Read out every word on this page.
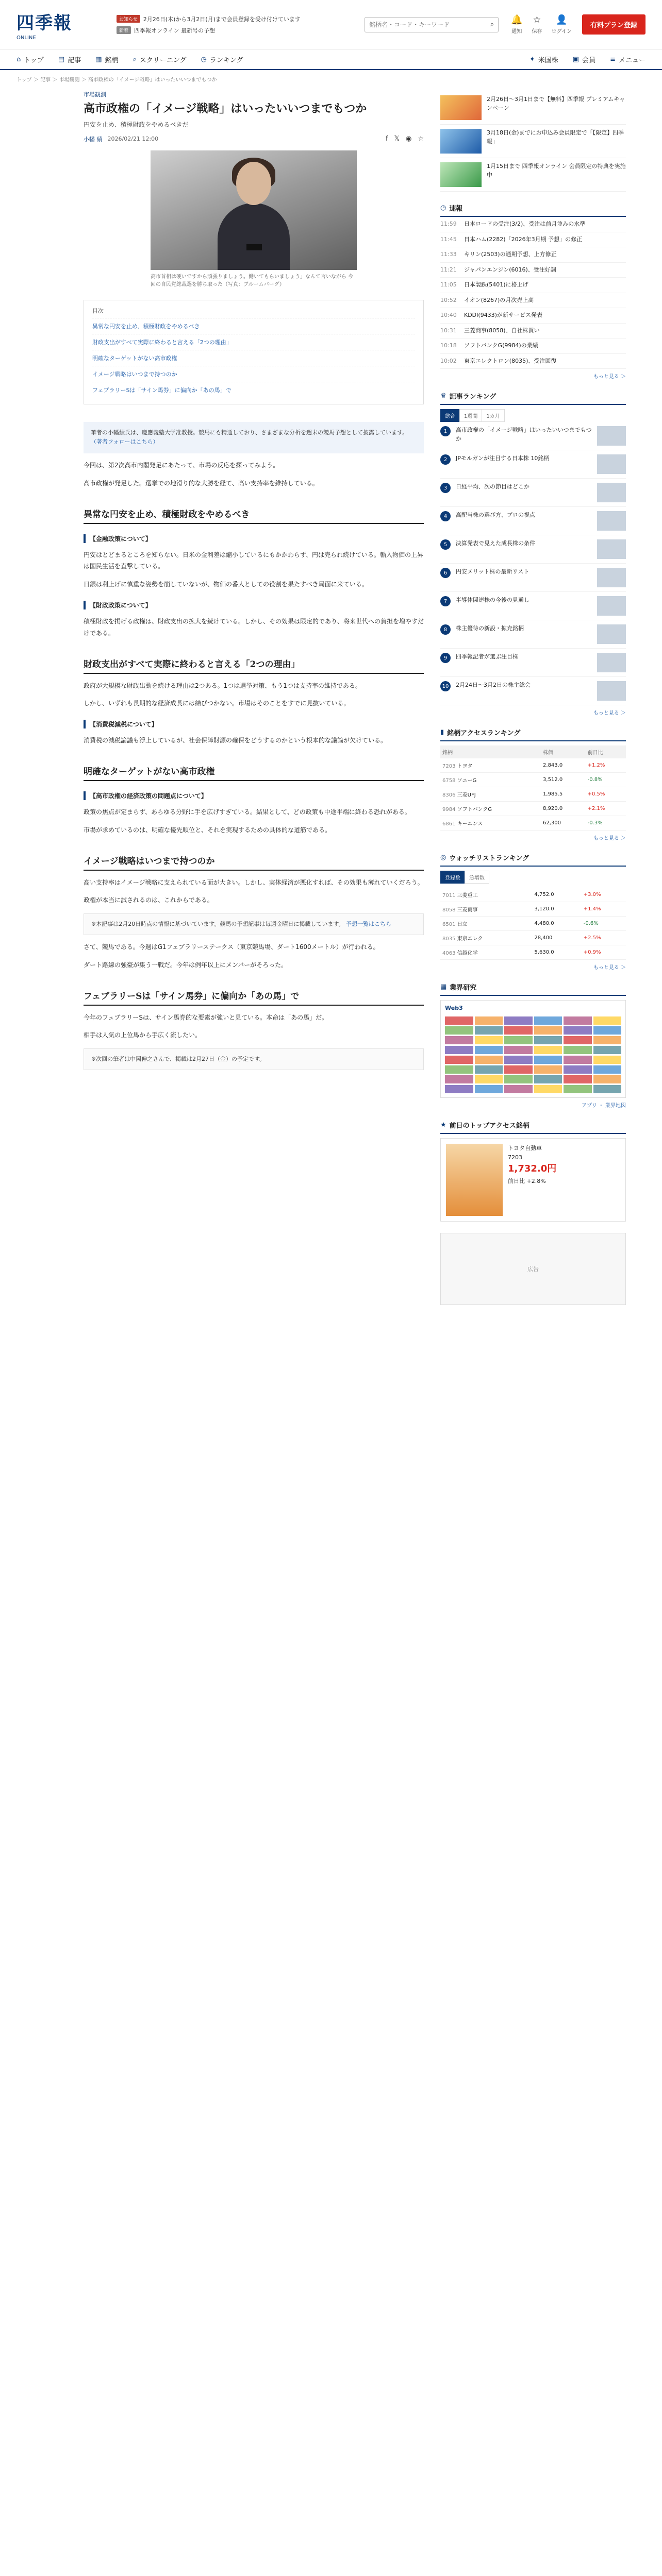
四季報
ONLINE
お知らせ	2月26日(木)から3月2日(月)まで会員登録を受け付けています
新着	四季報オンライン 最新号の予想
銘柄名・コード・キーワード
⌕ 🔔
通知
☆
保存
👤
ログイン
有料プラン登録
⌂ トップ ▤ 記事 ▦ 銘柄 ⌕ スクリーニング ◷ ランキング	✦ 米国株 ▣ 会員 ≡ メニュー
トップ ＞ 記事 ＞ 市場観測 ＞ 高市政権の「イメージ戦略」はいったいいつまでもつか
市場観測
高市政権の「イメージ戦略」はいったいいつまでもつか
円安を止め、積極財政をやめるべきだ
小幡 績 2026/02/21 12:00	f 𝕏 ◉ ☆
高市首相は硬いですから頑張りましょう。働いてもらいましょう」なんて言いながら 今回の自民党総裁選を勝ち取った（写真：ブルームバーグ）
目次
異常な円安を止め、積極財政をやめるべき
財政支出がすべて実際に終わると言える「2つの理由」
明確なターゲットがない高市政権
イメージ戦略はいつまで持つのか
フェブラリーSは「サイン馬券」に偏向か「あの馬」で
筆者の小幡績氏は、慶應義塾大学准教授。競馬にも精通しており、さまざまな分析を週末の競馬予想として披露しています。 （著者フォローはこちら）

今回は、第2次高市内閣発足にあたって、市場の反応を探ってみよう。

高市政権が発足した。選挙での地滑り的な大勝を経て、高い支持率を維持している。

異常な円安を止め、積極財政をやめるべき
【金融政策について】

円安はとどまるところを知らない。日米の金利差は縮小しているにもかかわらず、円は売られ続けている。輸入物価の上昇は国民生活を直撃している。

日銀は利上げに慎重な姿勢を崩していないが、物価の番人としての役割を果たすべき局面に来ている。

【財政政策について】

積極財政を掲げる政権は、財政支出の拡大を続けている。しかし、その効果は限定的であり、将来世代への負担を増やすだけである。

財政支出がすべて実際に終わると言える「2つの理由」

政府が大規模な財政出動を続ける理由は2つある。1つは選挙対策、もう1つは支持率の維持である。

しかし、いずれも長期的な経済成長には結びつかない。市場はそのことをすでに見抜いている。

【消費税減税について】

消費税の減税論議も浮上しているが、社会保障財源の確保をどうするのかという根本的な議論が欠けている。

明確なターゲットがない高市政権
【高市政権の経済政策の問題点について】

政策の焦点が定まらず、あらゆる分野に手を広げすぎている。結果として、どの政策も中途半端に終わる恐れがある。

市場が求めているのは、明確な優先順位と、それを実現するための具体的な道筋である。

イメージ戦略はいつまで持つのか

高い支持率はイメージ戦略に支えられている面が大きい。しかし、実体経済が悪化すれば、その効果も薄れていくだろう。

政権が本当に試されるのは、これからである。

※本記事は2月20日時点の情報に基づいています。競馬の予想記事は毎週金曜日に掲載しています。 予想一覧はこちら

さて、競馬である。今週はG1フェブラリーステークス（東京競馬場、ダート1600メートル）が行われる。

ダート路線の強豪が集う一戦だ。今年は例年以上にメンバーがそろった。

フェブラリーSは「サイン馬券」に偏向か「あの馬」で

今年のフェブラリーSは、サイン馬券的な要素が強いと見ている。本命は「あの馬」だ。

相手は人気の上位馬から手広く流したい。

※次回の筆者は中岡伸之さんで、掲載は2月27日（金）の予定です。
2月26日〜3月1日まで【無料】四季報 プレミアムキャンペーン
3月18日(金)までにお申込み会員限定で「【限定】四季報」
1月15日まで 四季報オンライン 会員限定の特典を実施中
◷ 速報
11:59	日本ロードの受注(3/2)、受注は前月並みの水準
11:45	日本ハム(2282)「2026年3月期 予想」の修正
11:33	キリン(2503)の通期予想、上方修正
11:21	ジャパンエンジン(6016)、受注好調
11:05	日本製鉄(5401)に格上げ
10:52	イオン(8267)の月次売上高
10:40	KDDI(9433)が新サービス発表
10:31	三菱商事(8058)、自社株買い
10:18	ソフトバンクG(9984)の業績
10:02	東京エレクトロン(8035)、受注回復
もっと見る ＞
♛ 記事ランキング
総合	1週間	1カ月
1	高市政権の「イメージ戦略」はいったいいつまでもつか
2	JPモルガンが注目する日本株 10銘柄
3	日経平均、次の節目はどこか
4	高配当株の選び方、プロの視点
5	決算発表で見えた成長株の条件
6	円安メリット株の最新リスト
7	半導体関連株の今後の見通し
8	株主優待の新設・拡充銘柄
9	四季報記者が選ぶ注目株
10	2月24日〜3月2日の株主総会
もっと見る ＞
▮ 銘柄アクセスランキング
銘柄	株価	前日比
7203 トヨタ	2,843.0	+1.2%
6758 ソニーG	3,512.0	-0.8%
8306 三菱UFJ	1,985.5	+0.5%
9984 ソフトバンクG	8,920.0	+2.1%
6861 キーエンス	62,300	-0.3%
もっと見る ＞
◎ ウォッチリストランキング
登録数	急増数
7011 三菱重工	4,752.0	+3.0%
8058 三菱商事	3,120.0	+1.4%
6501 日立	4,480.0	-0.6%
8035 東京エレク	28,400	+2.5%
4063 信越化学	5,630.0	+0.9%
もっと見る ＞
▦ 業界研究
Web3
アプリ ・ 業界地図
★ 前日のトップアクセス銘柄
トヨタ自動車
7203
1,732.0円
前日比 +2.8%
広告
